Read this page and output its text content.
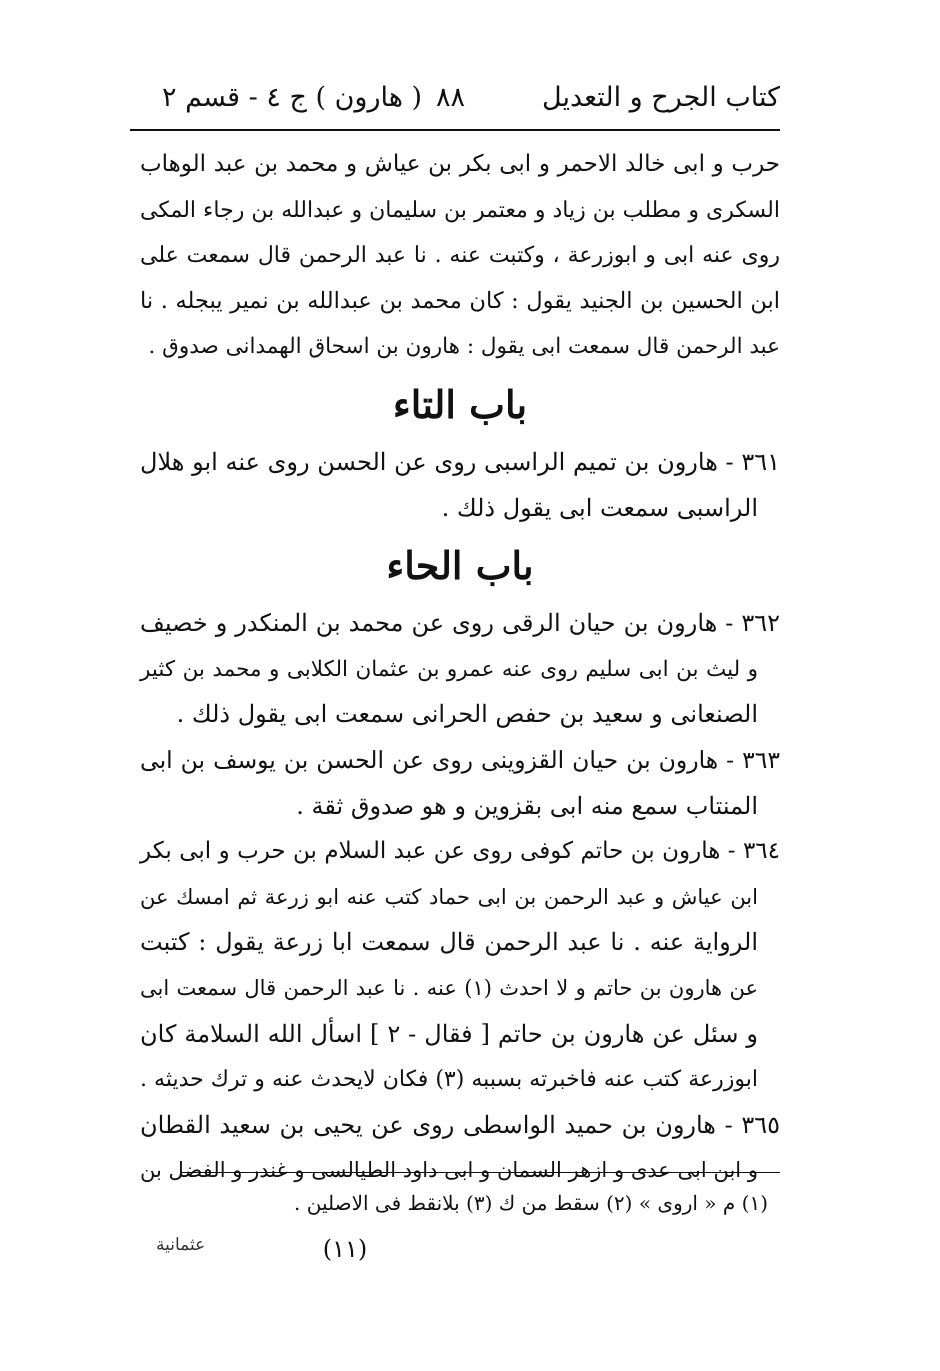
كتاب الجرح و التعديل
٨٨
( هارون ) ج ٤ - قسم ٢
حرب و ابى خالد الاحمر و ابى بكر بن عياش و محمد بن عبد الوهاب
السكرى و مطلب بن زياد و معتمر بن سليمان و عبدالله بن رجاء المكى
روى عنه ابى و ابوزرعة ، وكتبت عنه . نا عبد الرحمن قال سمعت على
ابن الحسين بن الجنيد يقول : كان محمد بن عبدالله بن نمير يبجله . نا
عبد الرحمن قال سمعت ابى يقول : هارون بن اسحاق الهمدانى صدوق .
باب التاء
٣٦١ - هارون بن تميم الراسبى روى عن الحسن روى عنه ابو هلال
الراسبى سمعت ابى يقول ذلك .
باب الحاء
٣٦٢ - هارون بن حيان الرقى روى عن محمد بن المنكدر و خصيف
و ليث بن ابى سليم روى عنه عمرو بن عثمان الكلابى و محمد بن كثير
الصنعانى و سعيد بن حفص الحرانى سمعت ابى يقول ذلك .
٣٦٣ - هارون بن حيان القزوينى روى عن الحسن بن يوسف بن ابى
المنتاب سمع منه ابى بقزوين و هو صدوق ثقة .
٣٦٤ - هارون بن حاتم كوفى روى عن عبد السلام بن حرب و ابى بكر
ابن عياش و عبد الرحمن بن ابى حماد كتب عنه ابو زرعة ثم امسك عن
الرواية عنه . نا عبد الرحمن قال سمعت ابا زرعة يقول : كتبت
عن هارون بن حاتم و لا احدث (١) عنه . نا عبد الرحمن قال سمعت ابى
و سئل عن هارون بن حاتم [ فقال - ٢ ] اسأل الله السلامة كان
ابوزرعة كتب عنه فاخبرته بسببه (٣) فكان لايحدث عنه و ترك حديثه .
٣٦٥ - هارون بن حميد الواسطى روى عن يحيى بن سعيد القطان
و ابن ابى عدى و ازهر السمان و ابى داود الطيالسى و غندر و الفضل بن
(١) م « اروى » (٢) سقط من ك (٣) بلانقط فى الاصلين .
(١١)
عثمانية
